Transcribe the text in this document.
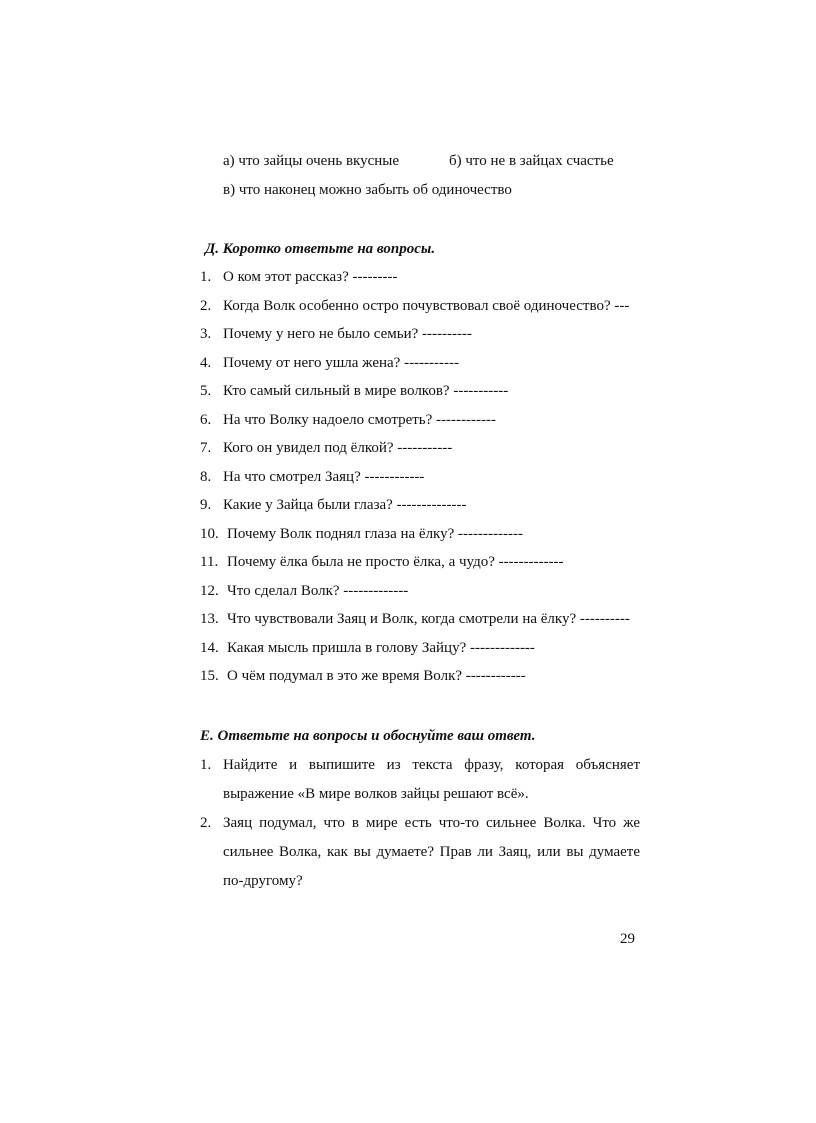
а) что зайцы очень вкусные	б) что не в зайцах счастье
в) что наконец можно забыть об одиночество
Д. Коротко ответьте на вопросы.
1. О ком этот рассказ? ---------
2. Когда Волк особенно остро почувствовал своё одиночество? ---
3. Почему у него не было семьи? ----------
4. Почему от него ушла жена? -----------
5. Кто самый сильный в мире волков? -----------
6. На что Волку надоело смотреть? ------------
7. Кого он увидел под ёлкой? -----------
8. На что смотрел Заяц? ------------
9. Какие у Зайца были глаза? --------------
10. Почему Волк поднял глаза на ёлку? -------------
11. Почему ёлка была не просто ёлка, а чудо? -------------
12. Что сделал Волк? -------------
13. Что чувствовали Заяц и Волк, когда смотрели на ёлку? ----------
14. Какая мысль пришла в голову Зайцу? -------------
15. О чём подумал в это же время Волк? ------------
Е. Ответьте на вопросы и обоснуйте ваш ответ.
1. Найдите и выпишите из текста фразу, которая объясняет выражение «В мире волков зайцы решают всё».
2. Заяц подумал, что в мире есть что-то сильнее Волка. Что же сильнее Волка, как вы думаете? Прав ли Заяц, или вы думаете по-другому?
29
